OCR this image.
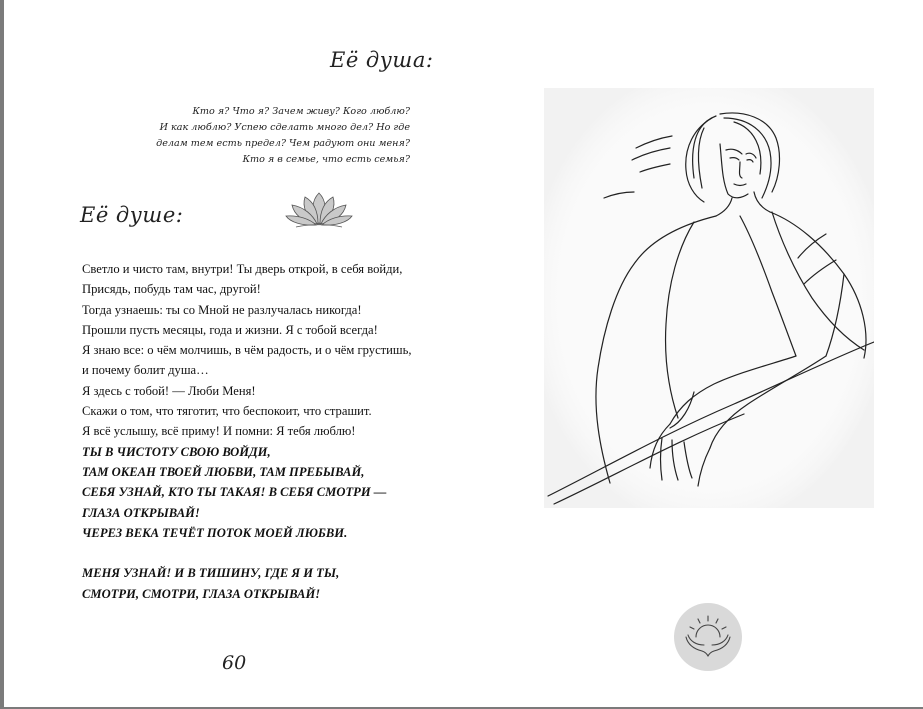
Её душа:
Кто я? Что я? Зачем живу? Кого люблю?
И как люблю? Успею сделать много дел? Но где
делам тем есть предел? Чем радуют они меня?
Кто я в семье, что есть семья?
Её душе:
Светло и чисто там, внутри! Ты дверь открой, в себя войди,
Присядь, побудь там час, другой!
Тогда узнаешь: ты со Мной не разлучалась никогда!
Прошли пусть месяцы, года и жизни. Я с тобой всегда!
Я знаю все: о чём молчишь, в чём радость, и о чём грустишь,
и почему болит душа…
Я здесь с тобой! — Люби Меня!
Скажи о том, что тяготит, что беспокоит, что страшит.
Я всё услышу, всё приму! И помни: Я тебя люблю!
ТЫ В ЧИСТОТУ СВОЮ ВОЙДИ,
ТАМ ОКЕАН ТВОЕЙ ЛЮБВИ, ТАМ ПРЕБЫВАЙ,
СЕБЯ УЗНАЙ, КТО ТЫ ТАКАЯ! В СЕБЯ СМОТРИ —
ГЛАЗА ОТКРЫВАЙ!
ЧЕРЕЗ ВЕКА ТЕЧЁТ ПОТОК МОЕЙ ЛЮБВИ.
МЕНЯ УЗНАЙ! И В ТИШИНУ, ГДЕ Я И ТЫ,
СМОТРИ, СМОТРИ, ГЛАЗА ОТКРЫВАЙ!
60
